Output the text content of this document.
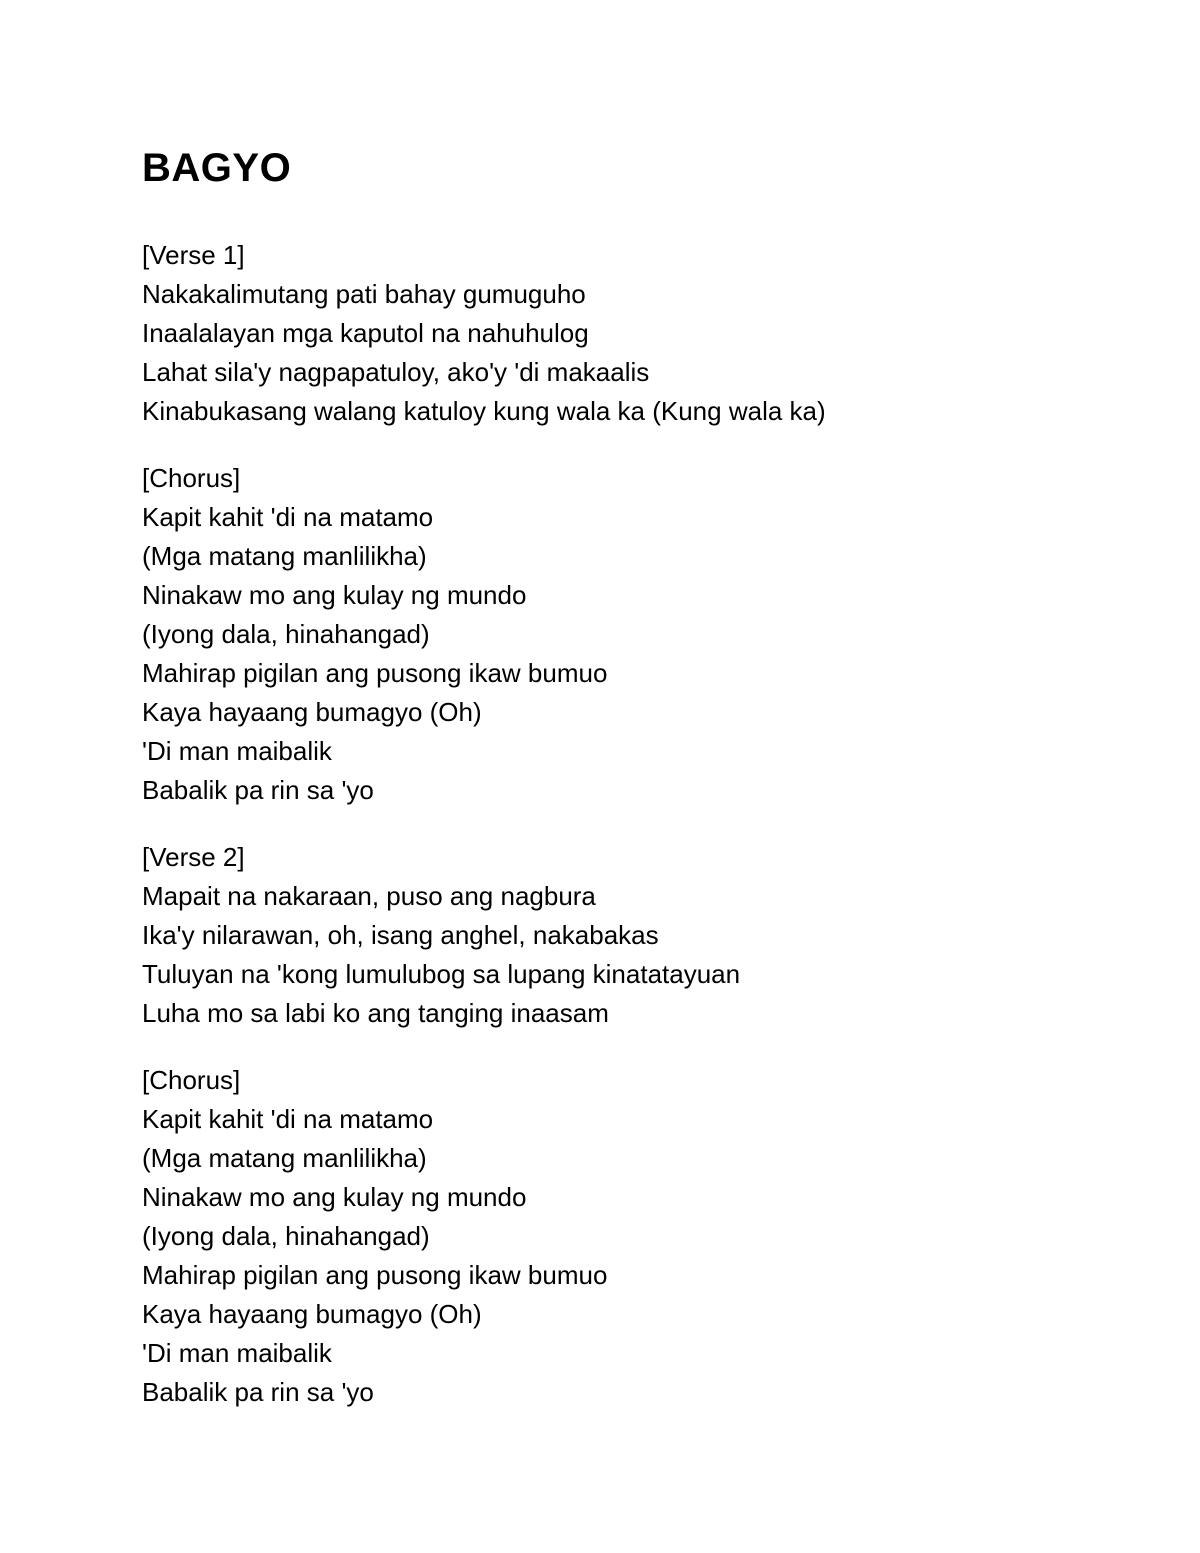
BAGYO
[Verse 1]
Nakakalimutang pati bahay gumuguho
Inaalalayan mga kaputol na nahuhulog
Lahat sila'y nagpapatuloy, ako'y 'di makaalis
Kinabukasang walang katuloy kung wala ka (Kung wala ka)
[Chorus]
Kapit kahit 'di na matamo
(Mga matang manlilikha)
Ninakaw mo ang kulay ng mundo
(Iyong dala, hinahangad)
Mahirap pigilan ang pusong ikaw bumuo
Kaya hayaang bumagyo (Oh)
'Di man maibalik
Babalik pa rin sa 'yo
[Verse 2]
Mapait na nakaraan, puso ang nagbura
Ika'y nilarawan, oh, isang anghel, nakabakas
Tuluyan na 'kong lumulubog sa lupang kinatatayuan
Luha mo sa labi ko ang tanging inaasam
[Chorus]
Kapit kahit 'di na matamo
(Mga matang manlilikha)
Ninakaw mo ang kulay ng mundo
(Iyong dala, hinahangad)
Mahirap pigilan ang pusong ikaw bumuo
Kaya hayaang bumagyo (Oh)
'Di man maibalik
Babalik pa rin sa 'yo
